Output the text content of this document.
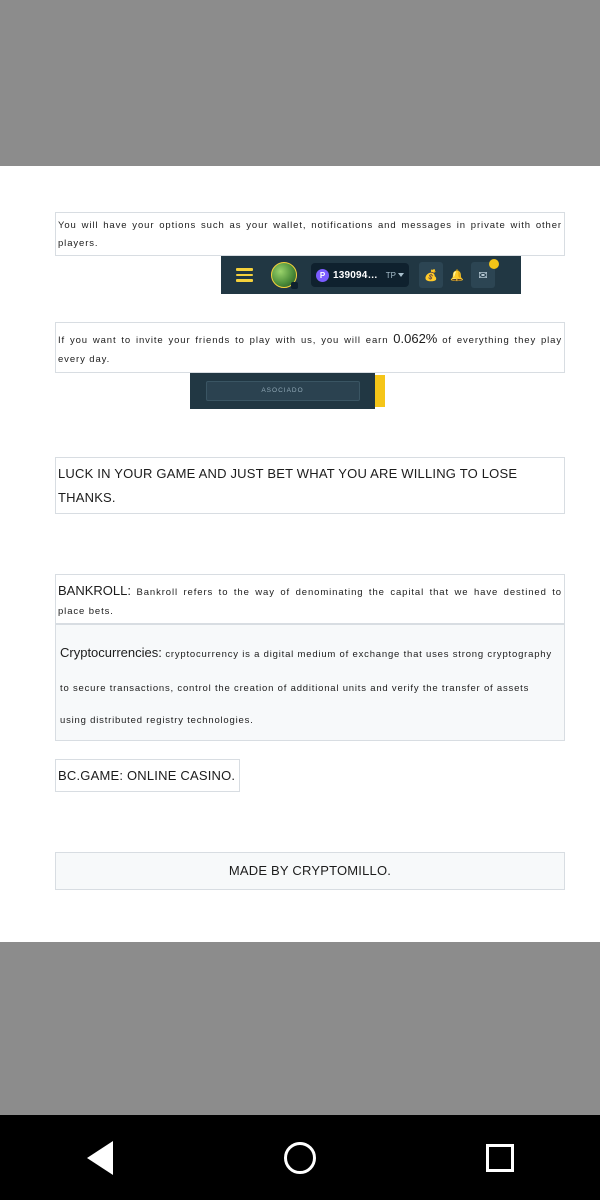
You will have your options such as your wallet, notifications and messages in private with other players.
P 139094… TP	💰	🔔	✉
If you want to invite your friends to play with us, you will earn 0.062% of everything they play every day.
ASOCIADO
LUCK IN YOUR GAME AND JUST BET WHAT YOU ARE WILLING TO LOSE THANKS.
BANKROLL: Bankroll refers to the way of denominating the capital that we have destined to place bets.

Cryptocurrencies: cryptocurrency is a digital medium of exchange that uses strong cryptography

to secure transactions, control the creation of additional units and verify the transfer of assets

using distributed registry technologies.

BC.GAME: ONLINE CASINO.
MADE BY CRYPTOMILLO.
